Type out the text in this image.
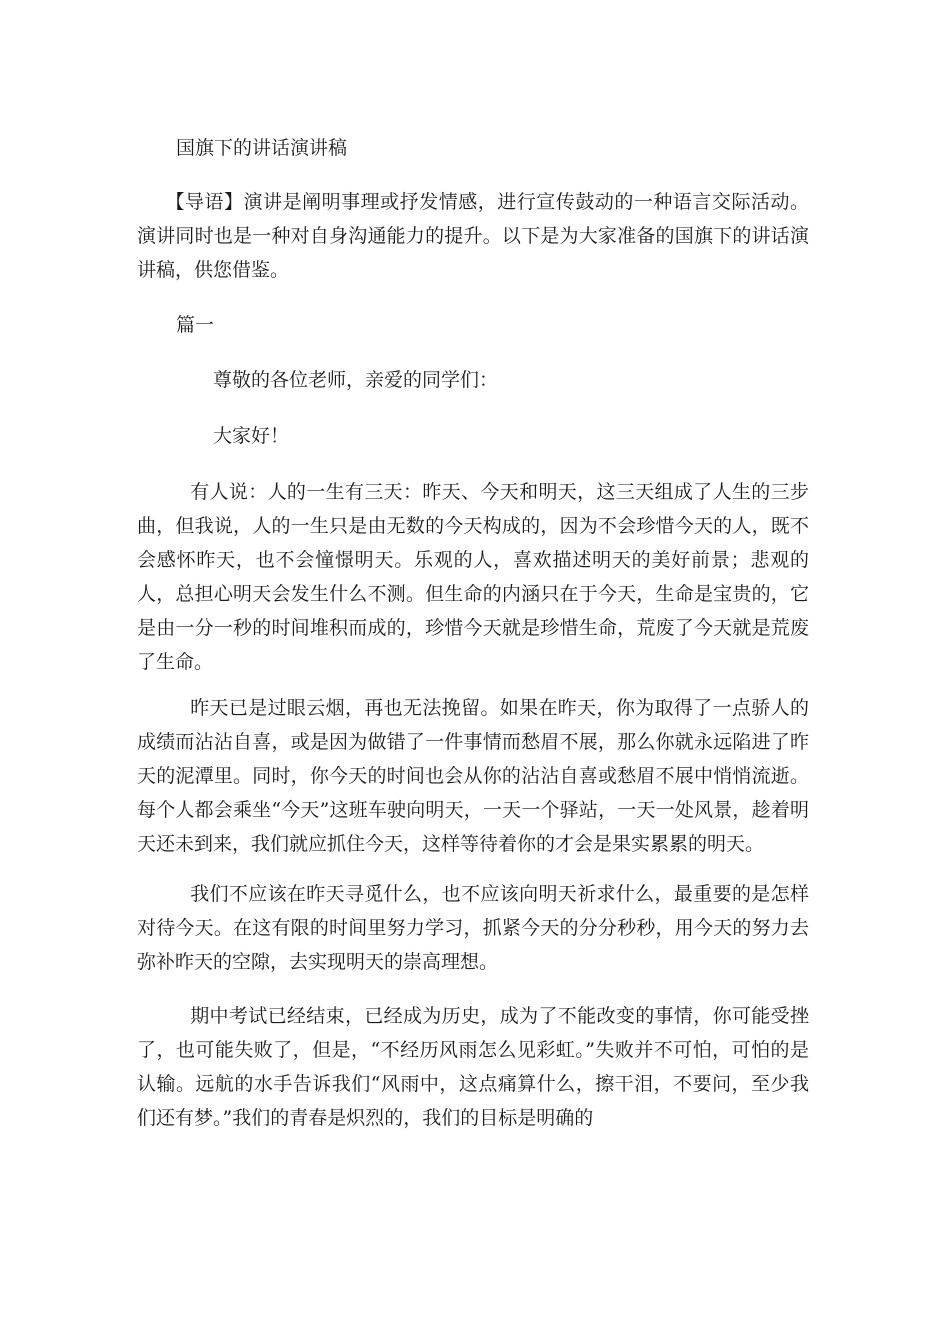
国旗下的讲话演讲稿

【导语】演讲是阐明事理或抒发情感，进行宣传鼓动的一种语言交际活动。演讲同时也是一种对自身沟通能力的提升。以下是为大家准备的国旗下的讲话演讲稿，供您借鉴。

篇一

尊敬的各位老师，亲爱的同学们：

大家好！

有人说：人的一生有三天：昨天、今天和明天，这三天组成了人生的三步曲，但我说，人的一生只是由无数的今天构成的，因为不会珍惜今天的人，既不会感怀昨天，也不会憧憬明天。乐观的人，喜欢描述明天的美好前景；悲观的人，总担心明天会发生什么不测。但生命的内涵只在于今天，生命是宝贵的，它是由一分一秒的时间堆积而成的，珍惜今天就是珍惜生命，荒废了今天就是荒废了生命。

昨天已是过眼云烟，再也无法挽留。如果在昨天，你为取得了一点骄人的成绩而沾沾自喜，或是因为做错了一件事情而愁眉不展，那么你就永远陷进了昨天的泥潭里。同时，你今天的时间也会从你的沾沾自喜或愁眉不展中悄悄流逝。每个人都会乘坐“今天”这班车驶向明天，一天一个驿站，一天一处风景，趁着明天还未到来，我们就应抓住今天，这样等待着你的才会是果实累累的明天。

我们不应该在昨天寻觅什么，也不应该向明天祈求什么，最重要的是怎样对待今天。在这有限的时间里努力学习，抓紧今天的分分秒秒，用今天的努力去弥补昨天的空隙，去实现明天的崇高理想。

期中考试已经结束，已经成为历史，成为了不能改变的事情，你可能受挫了，也可能失败了，但是，“不经历风雨怎么见彩虹。”失败并不可怕，可怕的是认输。远航的水手告诉我们“风雨中，这点痛算什么，擦干泪，不要问，至少我们还有梦。”我们的青春是炽烈的，我们的目标是明确的
